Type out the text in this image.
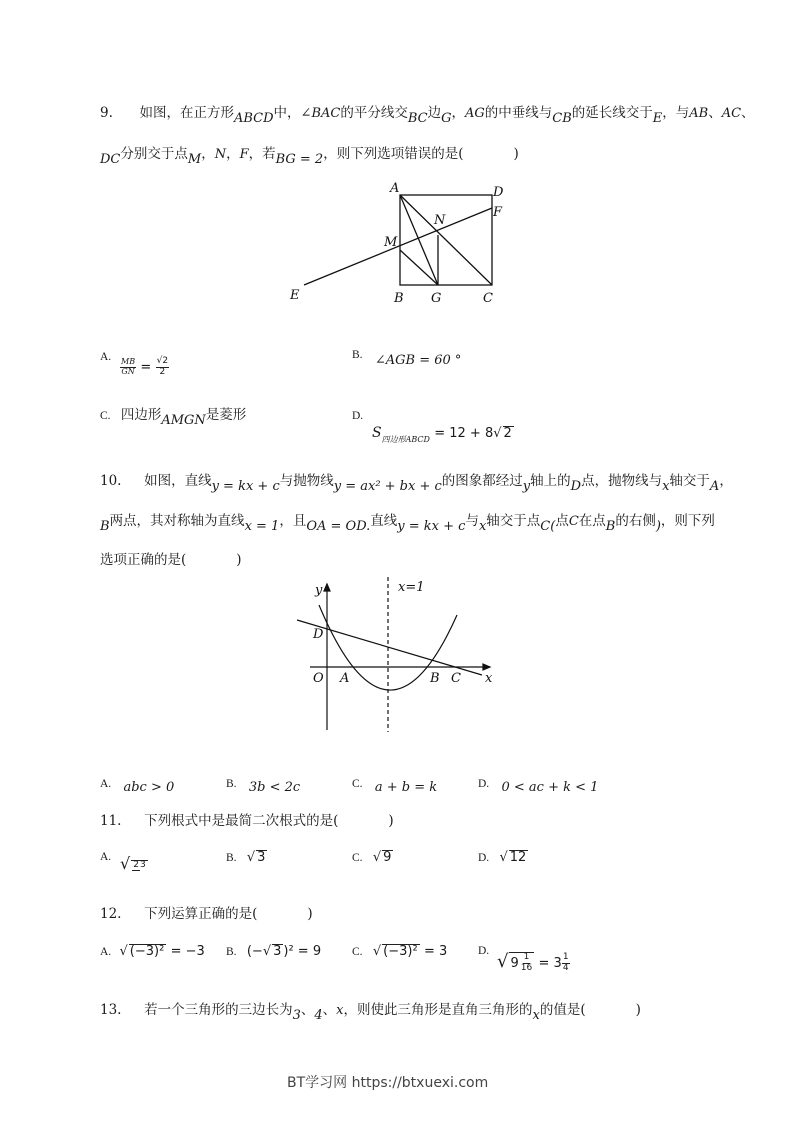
9. 如图，在正方形ABCD中，∠BAC的平分线交BC边G，AG的中垂线与CB的延长线交于E，与AB、AC、
DC分别交于点M，N，F，若BG = 2，则下列选项错误的是(	)
A	D
F
N
M
E	B G	C
A.
$\frac{MB}{GN} = \frac{√2}{2}$
B. ∠AGB = 60 °
C. 四边形AMGN是菱形	D.
$S_{四边形ABCD} = 12 + 8√$ 2
10. 如图，直线y = kx + c与抛物线y = ax² + bx + c的图象都经过y轴上的D点，抛物线与x轴交于A，
B两点，其对称轴为直线x = 1，且OA = OD.直线y = kx + c与x轴交于点C(点C在点B的右侧)，则下列
选项正确的是(	)
y
x
x=1
D
O A	B C
A. abc > 0	B. 3b < 2c	C. a + b = k	D. 0 < ac + k < 1
11. 下列根式中是最简二次根式的是(	)
A. √ 23
B. √ 3	C. √ 9	D. √ 12
12. 下列运算正确的是(	)
A. √ (−3)² = −3 B. (−√ 3 )² = 9	C. √ (−3)² = 3	D. √ $9 \frac{1}{16} = 3 \frac{1}{4}$
13. 若一个三角形的三边长为3、4、x，则使此三角形是直角三角形的x的值是(	)
BT学习网 https://btxuexi.com
